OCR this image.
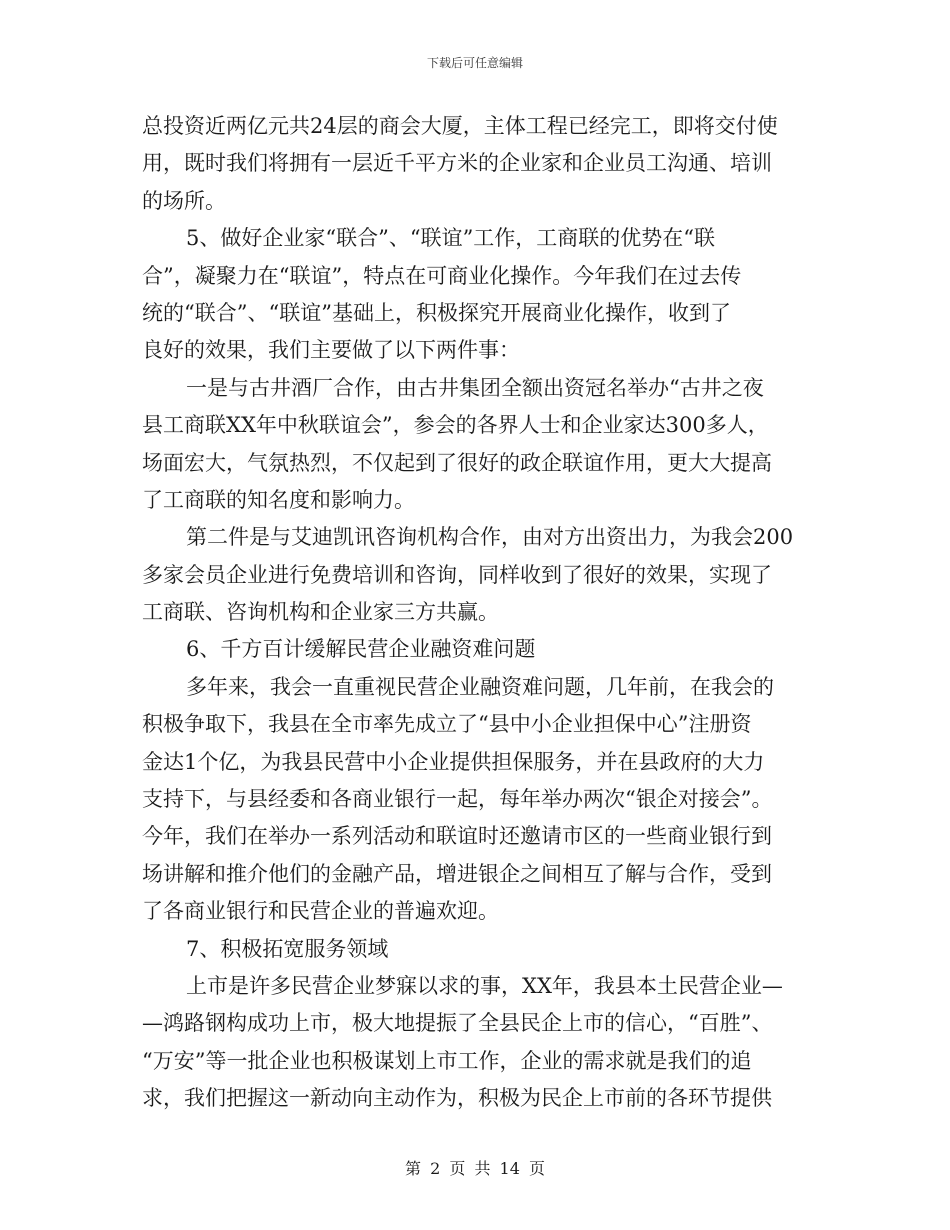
下载后可任意编辑
总投资近两亿元共24层的商会大厦，主体工程已经完工，即将交付使
用，既时我们将拥有一层近千平方米的企业家和企业员工沟通、培训
的场所。
5、做好企业家“联合”、“联谊”工作，工商联的优势在“联
合”，凝聚力在“联谊”，特点在可商业化操作。今年我们在过去传
统的“联合”、“联谊”基础上，积极探究开展商业化操作，收到了
良好的效果，我们主要做了以下两件事：
一是与古井酒厂合作，由古井集团全额出资冠名举办“古井之夜
县工商联XX年中秋联谊会”，参会的各界人士和企业家达300多人，
场面宏大，气氛热烈，不仅起到了很好的政企联谊作用，更大大提高
了工商联的知名度和影响力。
第二件是与艾迪凯讯咨询机构合作，由对方出资出力，为我会200
多家会员企业进行免费培训和咨询，同样收到了很好的效果，实现了
工商联、咨询机构和企业家三方共赢。
6、千方百计缓解民营企业融资难问题
多年来，我会一直重视民营企业融资难问题，几年前，在我会的
积极争取下，我县在全市率先成立了“县中小企业担保中心”注册资
金达1个亿，为我县民营中小企业提供担保服务，并在县政府的大力
支持下，与县经委和各商业银行一起，每年举办两次“银企对接会”。
今年，我们在举办一系列活动和联谊时还邀请市区的一些商业银行到
场讲解和推介他们的金融产品，增进银企之间相互了解与合作，受到
了各商业银行和民营企业的普遍欢迎。
7、积极拓宽服务领域
上市是许多民营企业梦寐以求的事，XX年，我县本土民营企业—
—鸿路钢构成功上市，极大地提振了全县民企上市的信心，“百胜”、
“万安”等一批企业也积极谋划上市工作，企业的需求就是我们的追
求，我们把握这一新动向主动作为，积极为民企上市前的各环节提供
第 2 页 共 14 页
